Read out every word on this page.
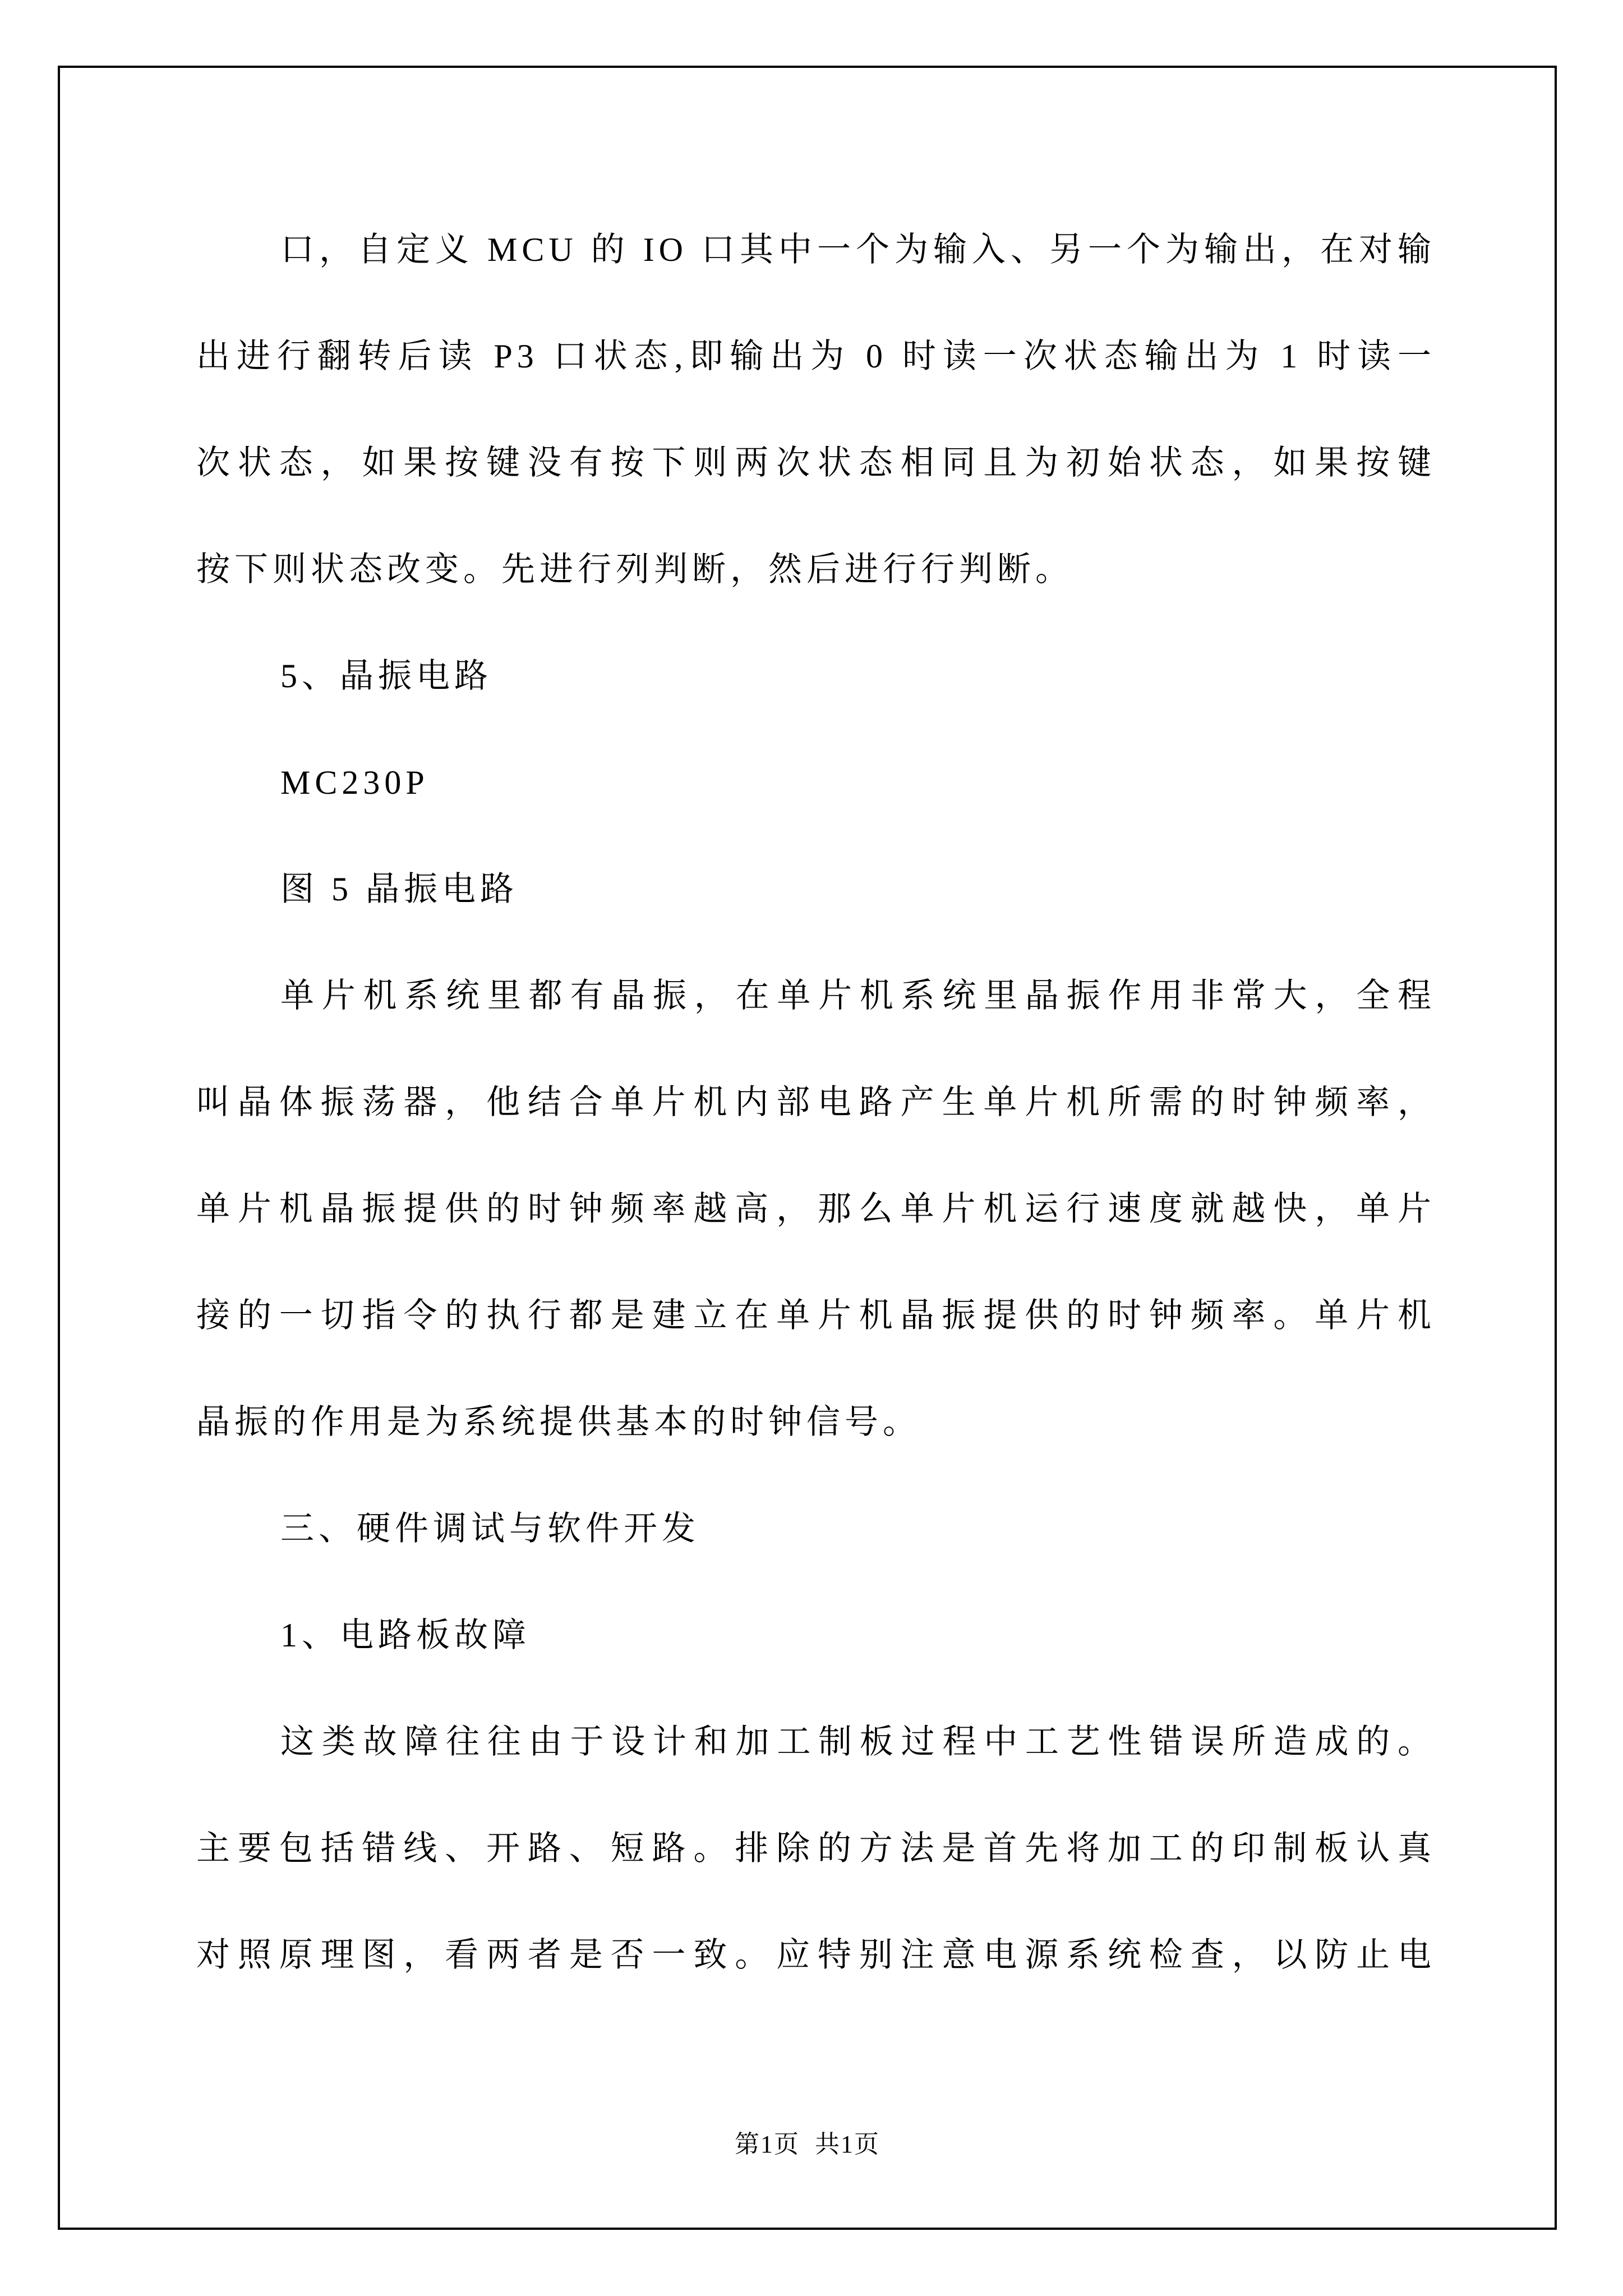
口，自定义 MCU 的 IO 口其中一个为输入、另一个为输出，在对输
出进行翻转后读 P3 口状态,即输出为 0 时读一次状态输出为 1 时读一
次状态，如果按键没有按下则两次状态相同且为初始状态，如果按键
按下则状态改变。先进行列判断，然后进行行判断。
5、晶振电路
MC230P
图 5 晶振电路
单片机系统里都有晶振，在单片机系统里晶振作用非常大，全程
叫晶体振荡器，他结合单片机内部电路产生单片机所需的时钟频率，
单片机晶振提供的时钟频率越高，那么单片机运行速度就越快，单片
接的一切指令的执行都是建立在单片机晶振提供的时钟频率。单片机
晶振的作用是为系统提供基本的时钟信号。
三、硬件调试与软件开发
1、电路板故障
这类故障往往由于设计和加工制板过程中工艺性错误所造成的。
主要包括错线、开路、短路。排除的方法是首先将加工的印制板认真
对照原理图，看两者是否一致。应特别注意电源系统检查，以防止电
第1页 共1页
